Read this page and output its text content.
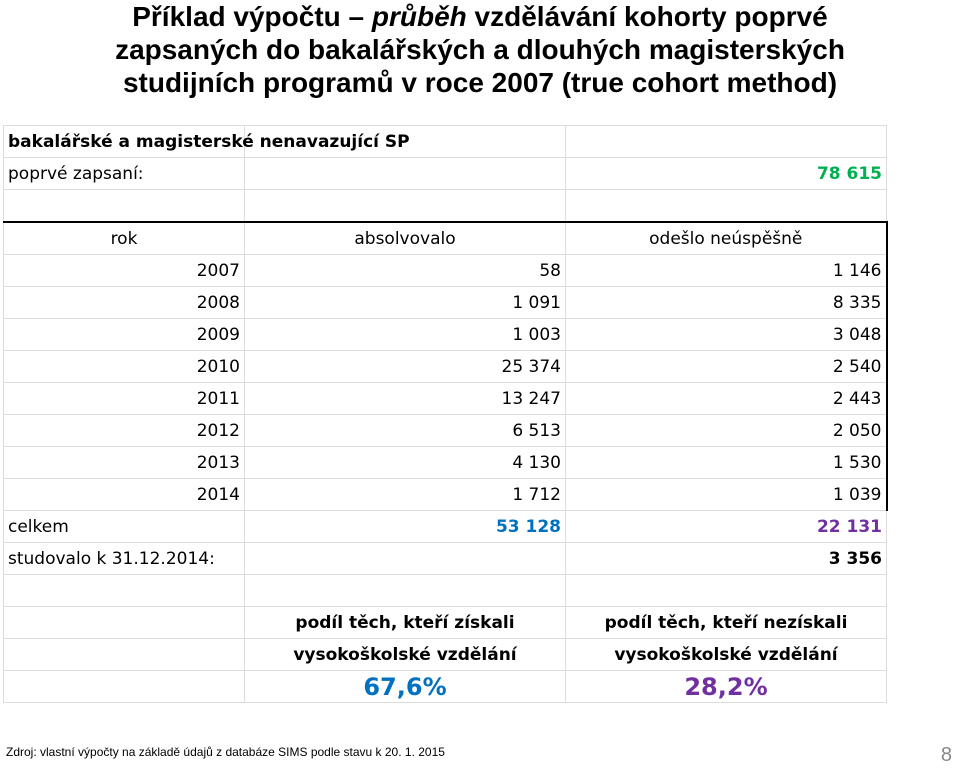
Příklad výpočtu – průběh vzdělávání kohorty poprvé
zapsaných do bakalářských a dlouhých magisterských
studijních programů v roce 2007 (true cohort method)
bakalářské a magisterské nenavazující SP		
poprvé zapsaní:		78 615

rok	absolvovalo	odešlo neúspěšně
2007	58	1 146
2008	1 091	8 335
2009	1 003	3 048
2010	25 374	2 540
2011	13 247	2 443
2012	6 513	2 050
2013	4 130	1 530
2014	1 712	1 039
celkem	53 128	22 131
studovalo k 31.12.2014:		3 356

	podíl těch, kteří získali	podíl těch, kteří nezískali
	vysokoškolské vzdělání	vysokoškolské vzdělání
	67,6%	28,2%
Zdroj: vlastní výpočty na základě údajů z databáze SIMS podle stavu k 20. 1. 2015	8
